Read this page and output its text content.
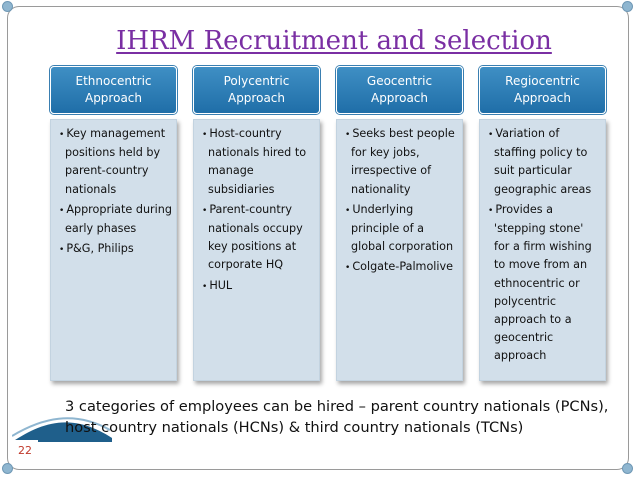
IHRM Recruitment and selection
Ethnocentric
Approach
• Key management positions held by parent-country nationals
• Appropriate during early phases
• P&G, Philips
Polycentric
Approach
• Host-country nationals hired to manage subsidiaries
• Parent-country nationals occupy key positions at corporate HQ
• HUL
Geocentric
Approach
• Seeks best people for key jobs, irrespective of nationality
• Underlying principle of a global corporation
• Colgate-Palmolive
Regiocentric
Approach
• Variation of staffing policy to suit particular geographic areas
• Provides a 'stepping stone' for a firm wishing to move from an ethnocentric or polycentric approach to a geocentric approach
3 categories of employees can be hired – parent country nationals (PCNs), host country nationals (HCNs) & third country nationals (TCNs)
22
